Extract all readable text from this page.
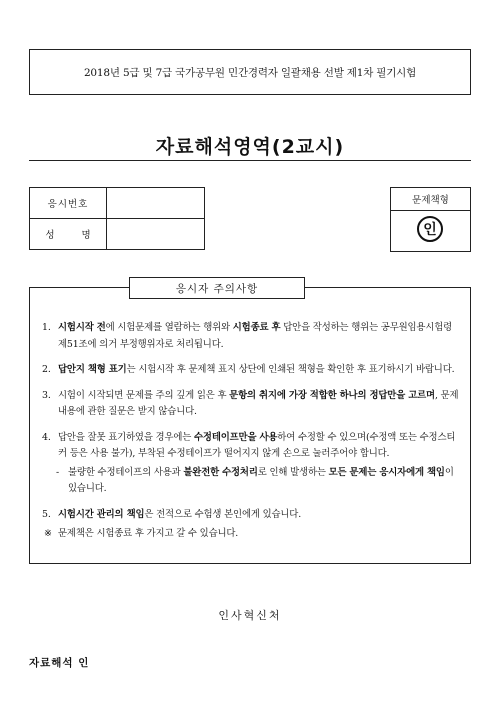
2018년 5급 및 7급 국가공무원 민간경력자 일괄채용 선발 제1차 필기시험
자료해석영역(2교시)
응시번호	
성 명	
문제책형
인
응시자 주의사항
1. 시험시작 전에 시험문제를 열람하는 행위와 시험종료 후 답안을 작성하는 행위는 공무원임용시험령 제51조에 의거 부정행위자로 처리됩니다.
2. 답안지 책형 표기는 시험시작 후 문제책 표지 상단에 인쇄된 책형을 확인한 후 표기하시기 바랍니다.
3. 시험이 시작되면 문제를 주의 깊게 읽은 후 문항의 취지에 가장 적합한 하나의 정답만을 고르며, 문제내용에 관한 질문은 받지 않습니다.
4. 답안을 잘못 표기하였을 경우에는 수정테이프만을 사용하여 수정할 수 있으며(수정액 또는 수정스티커 등은 사용 불가), 부착된 수정테이프가 떨어지지 않게 손으로 눌러주어야 합니다.
- 불량한 수정테이프의 사용과 불완전한 수정처리로 인해 발생하는 모든 문제는 응시자에게 책임이 있습니다.
5. 시험시간 관리의 책임은 전적으로 수험생 본인에게 있습니다.
※ 문제책은 시험종료 후 가지고 갈 수 있습니다.
인사혁신처
자료해석 인
